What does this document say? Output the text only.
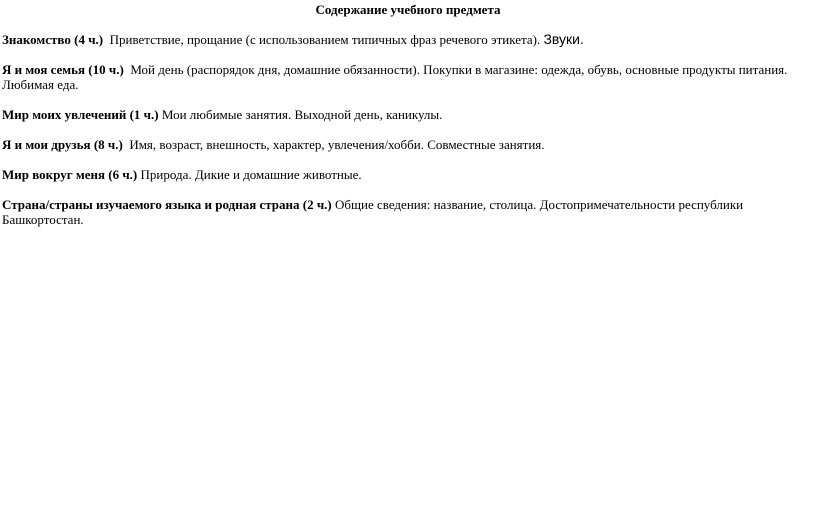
Содержание учебного предмета
Знакомство (4 ч.) Приветствие, прощание (с использованием типичных фраз речевого этикета). Звуки.
Я и моя семья (10 ч.) Мой день (распорядок дня, домашние обязанности). Покупки в магазине: одежда, обувь, основные продукты питания. Любимая еда.
Мир моих увлечений (1 ч.) Мои любимые занятия. Выходной день, каникулы.
Я и мои друзья (8 ч.) Имя, возраст, внешность, характер, увлечения/хобби. Совместные занятия.
Мир вокруг меня (6 ч.) Природа. Дикие и домашние животные.
Страна/страны изучаемого языка и родная страна (2 ч.) Общие сведения: название, столица. Достопримечательности республики Башкортостан.
